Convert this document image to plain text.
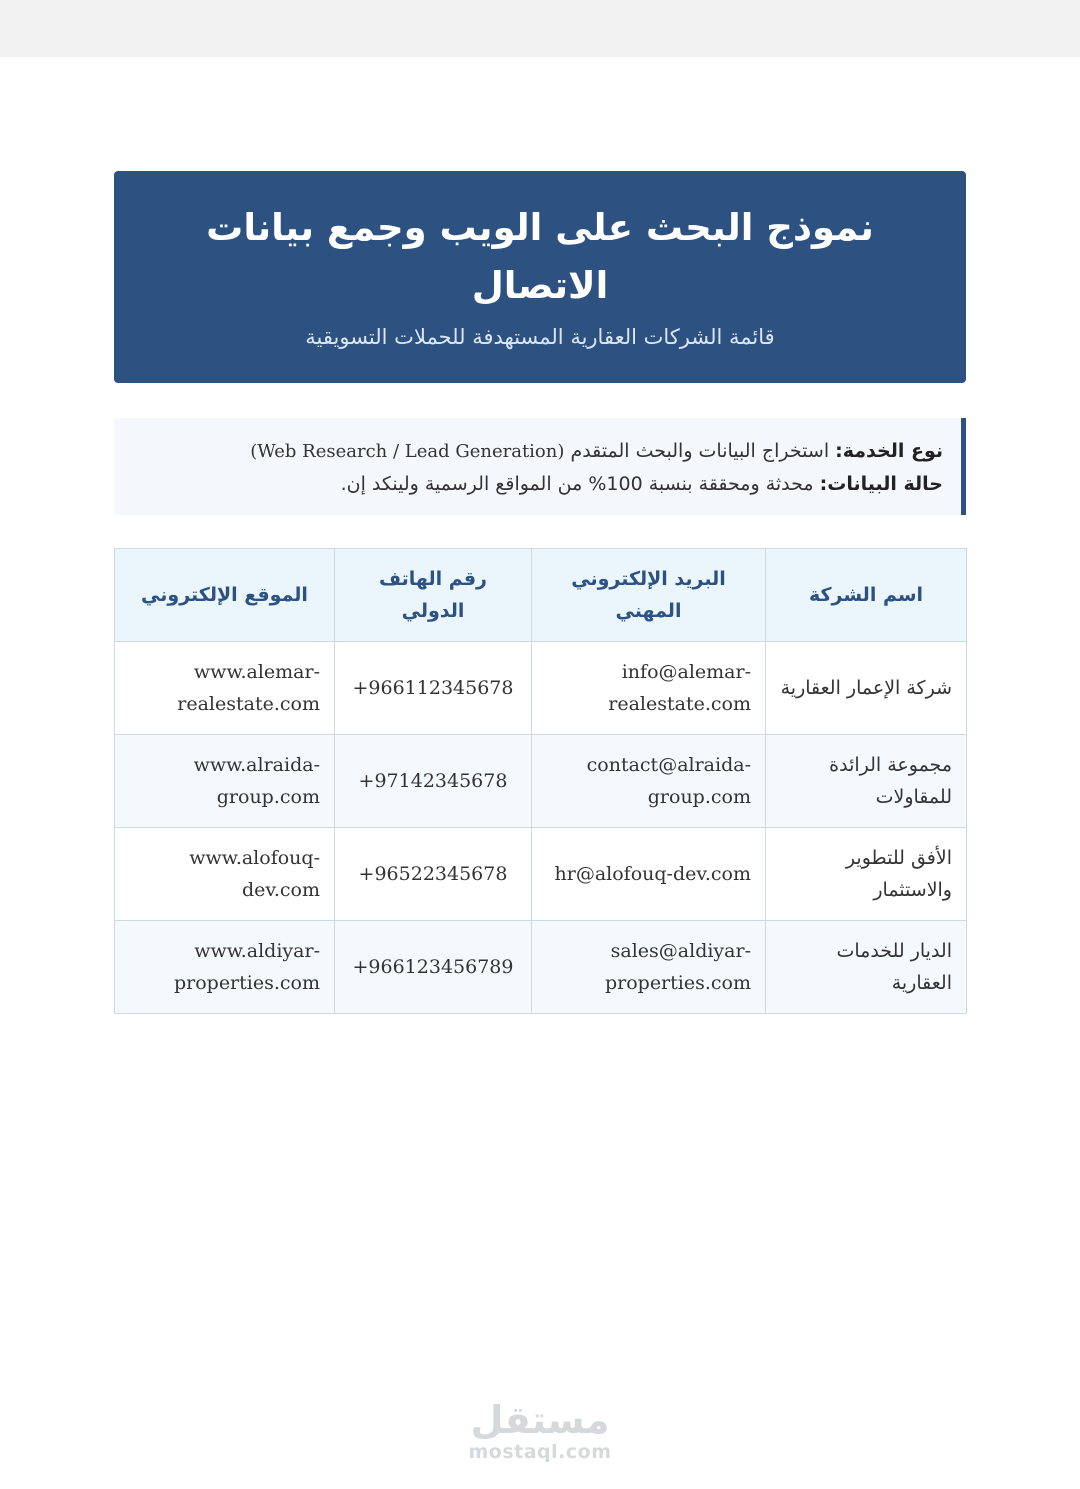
نموذج البحث على الويب وجمع بيانات الاتصال
قائمة الشركات العقارية المستهدفة للحملات التسويقية
نوع الخدمة: استخراج البيانات والبحث المتقدم (Web Research / Lead Generation)
حالة البيانات: محدثة ومحققة بنسبة 100% من المواقع الرسمية ولينكد إن.
اسم الشركة	البريد الإلكتروني المهني	رقم الهاتف الدولي	الموقع الإلكتروني
شركة الإعمار العقارية	info@alemar-realestate.com	+966112345678	www.alemar-realestate.com
مجموعة الرائدة للمقاولات	contact@alraida-group.com	+97142345678	www.alraida-group.com
الأفق للتطوير والاستثمار	hr@alofouq-dev.com	+96522345678	www.alofouq-dev.com
الديار للخدمات العقارية	sales@aldiyar-properties.com	+966123456789	www.aldiyar-properties.com
مستقل
mostaql.com
